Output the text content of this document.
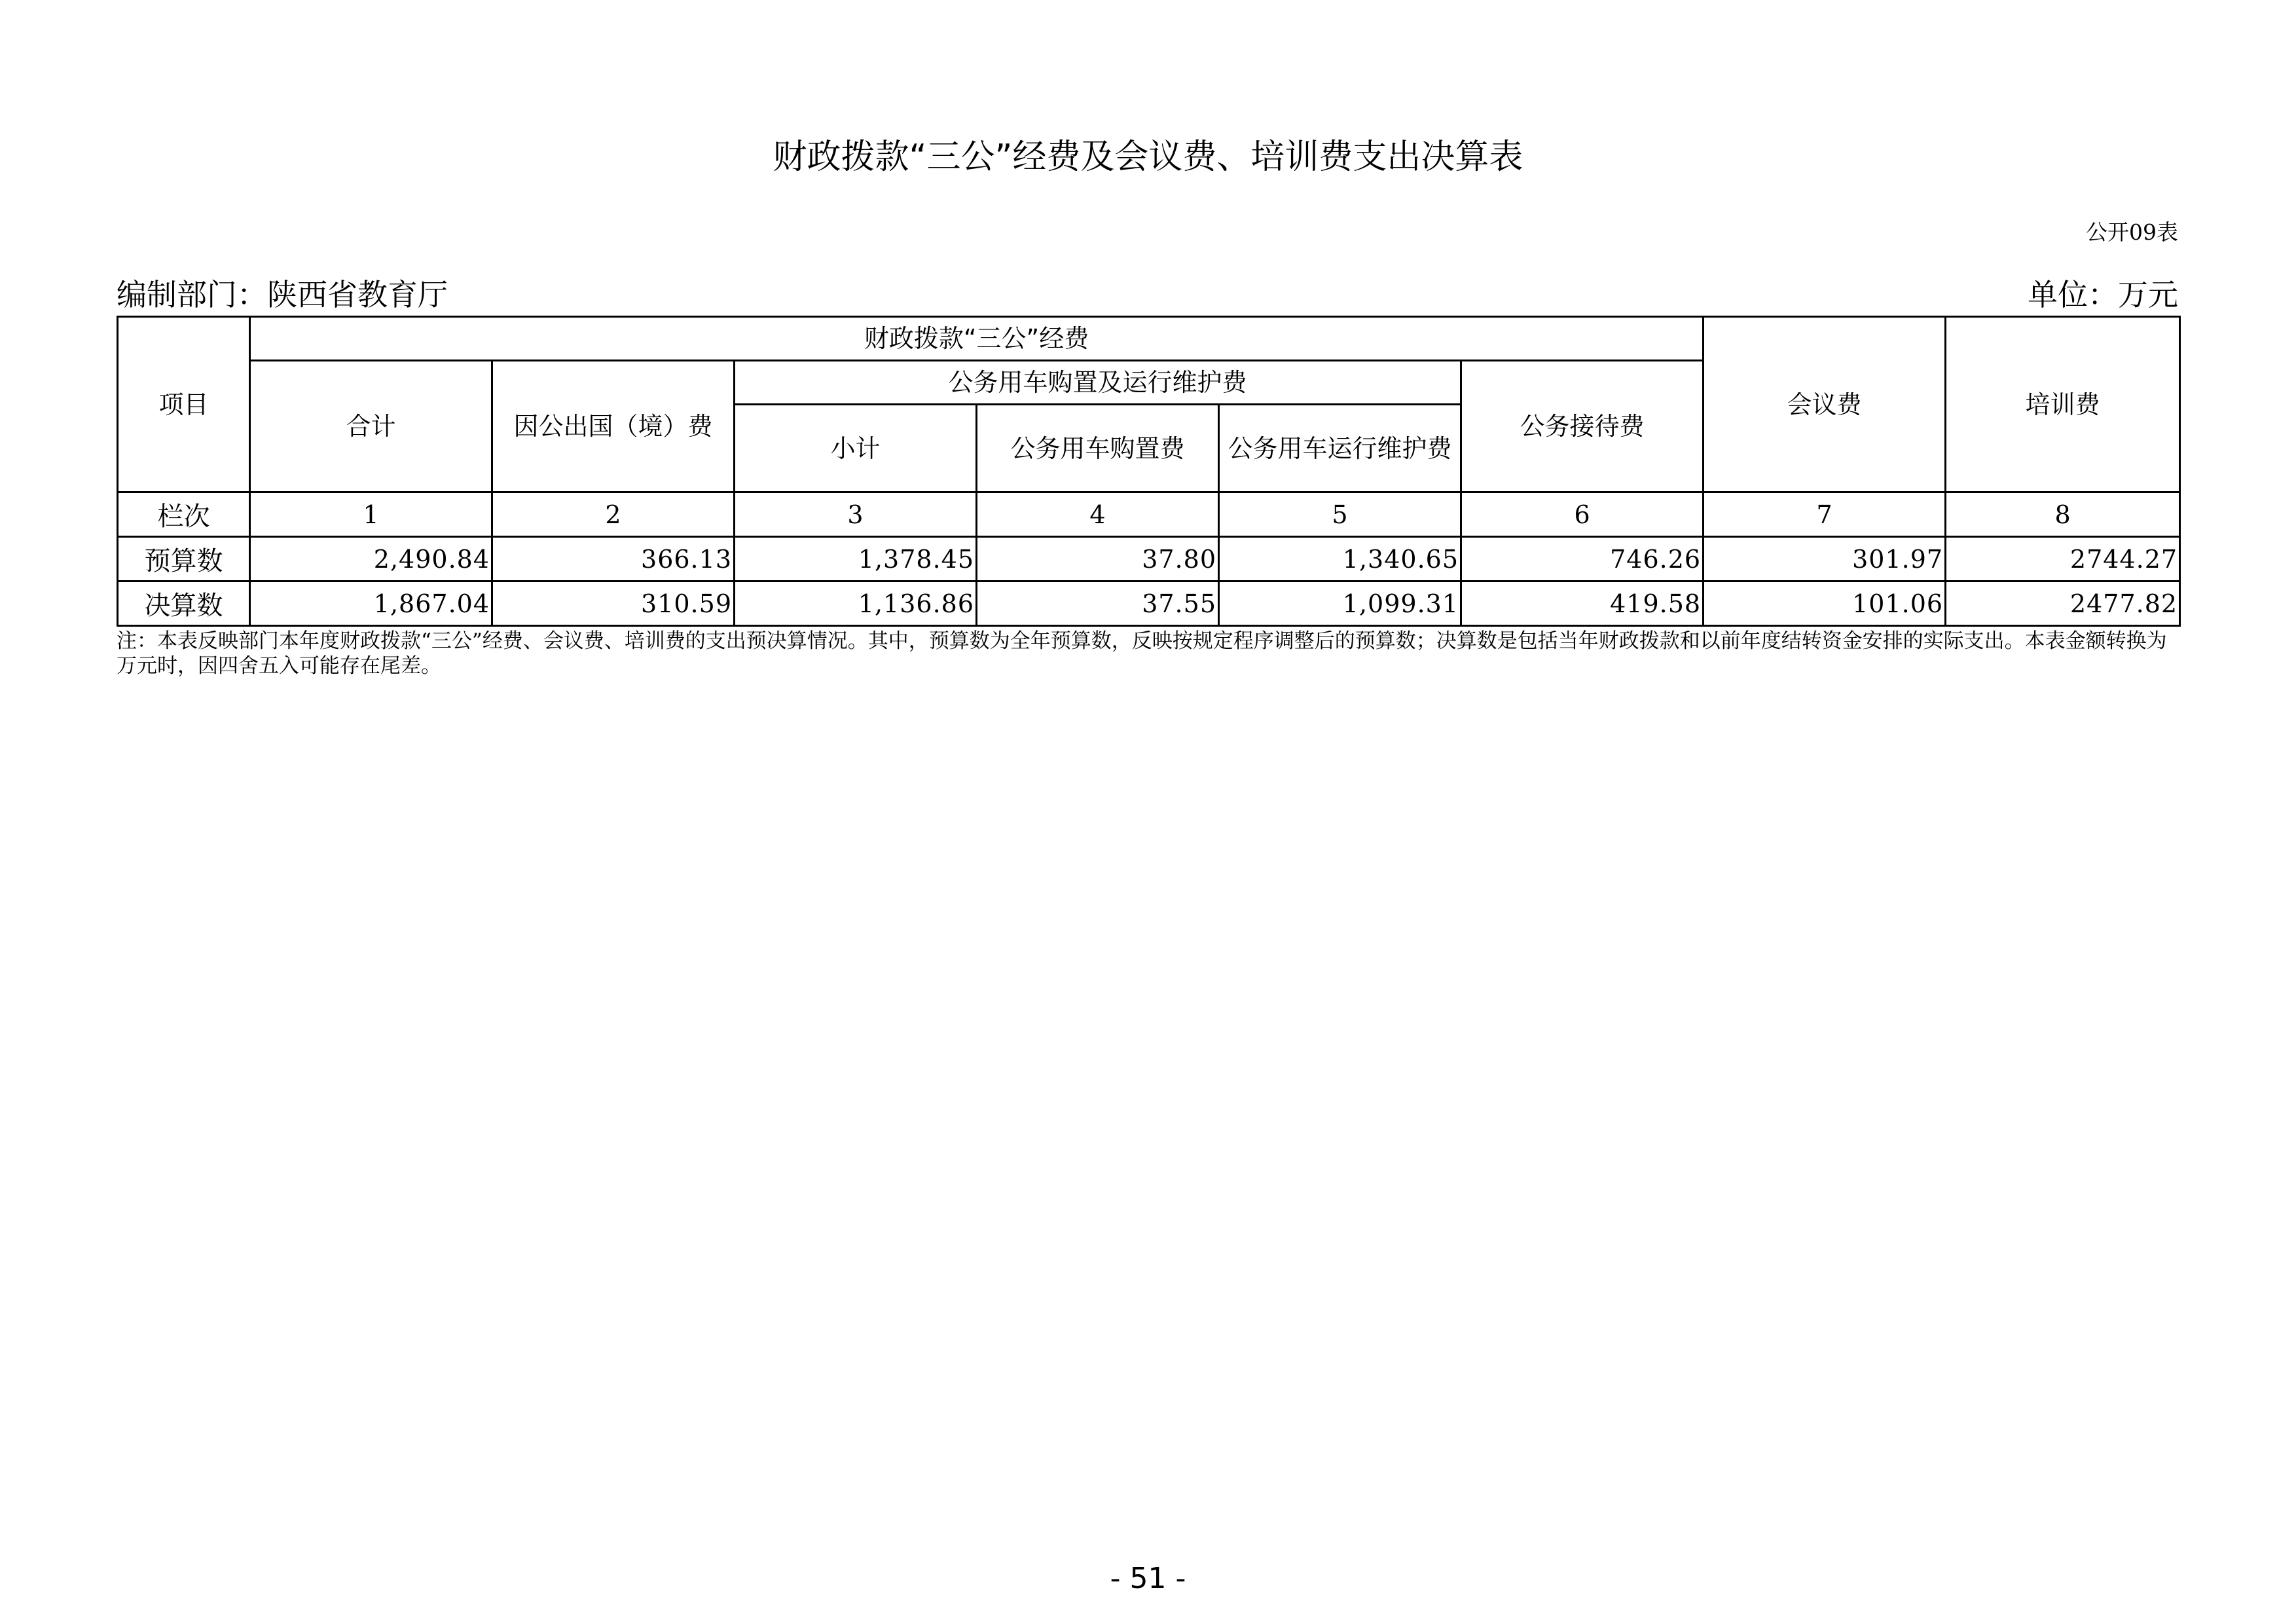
财政拨款“三公”经费及会议费、培训费支出决算表
公开09表
编制部门：陕西省教育厅	单位：万元
项目	财政拨款“三公”经费						会议费	培训费
	合计	因公出国（境）费	公务用车购置及运行维护费			公务接待费		
			小计	公务用车购置费	公务用车运行维护费			
栏次	1	2	3	4	5	6	7	8
预算数	2,490.84	366.13	1,378.45	37.80	1,340.65	746.26	301.97	2744.27
决算数	1,867.04	310.59	1,136.86	37.55	1,099.31	419.58	101.06	2477.82
注：本表反映部门本年度财政拨款“三公”经费、会议费、培训费的支出预决算情况。其中，预算数为全年预算数，反映按规定程序调整后的预算数；决算数是包括当年财政拨款和以前年度结转资金安排的实际支出。本表金额转换为万元时，因四舍五入可能存在尾差。
- 51 -
